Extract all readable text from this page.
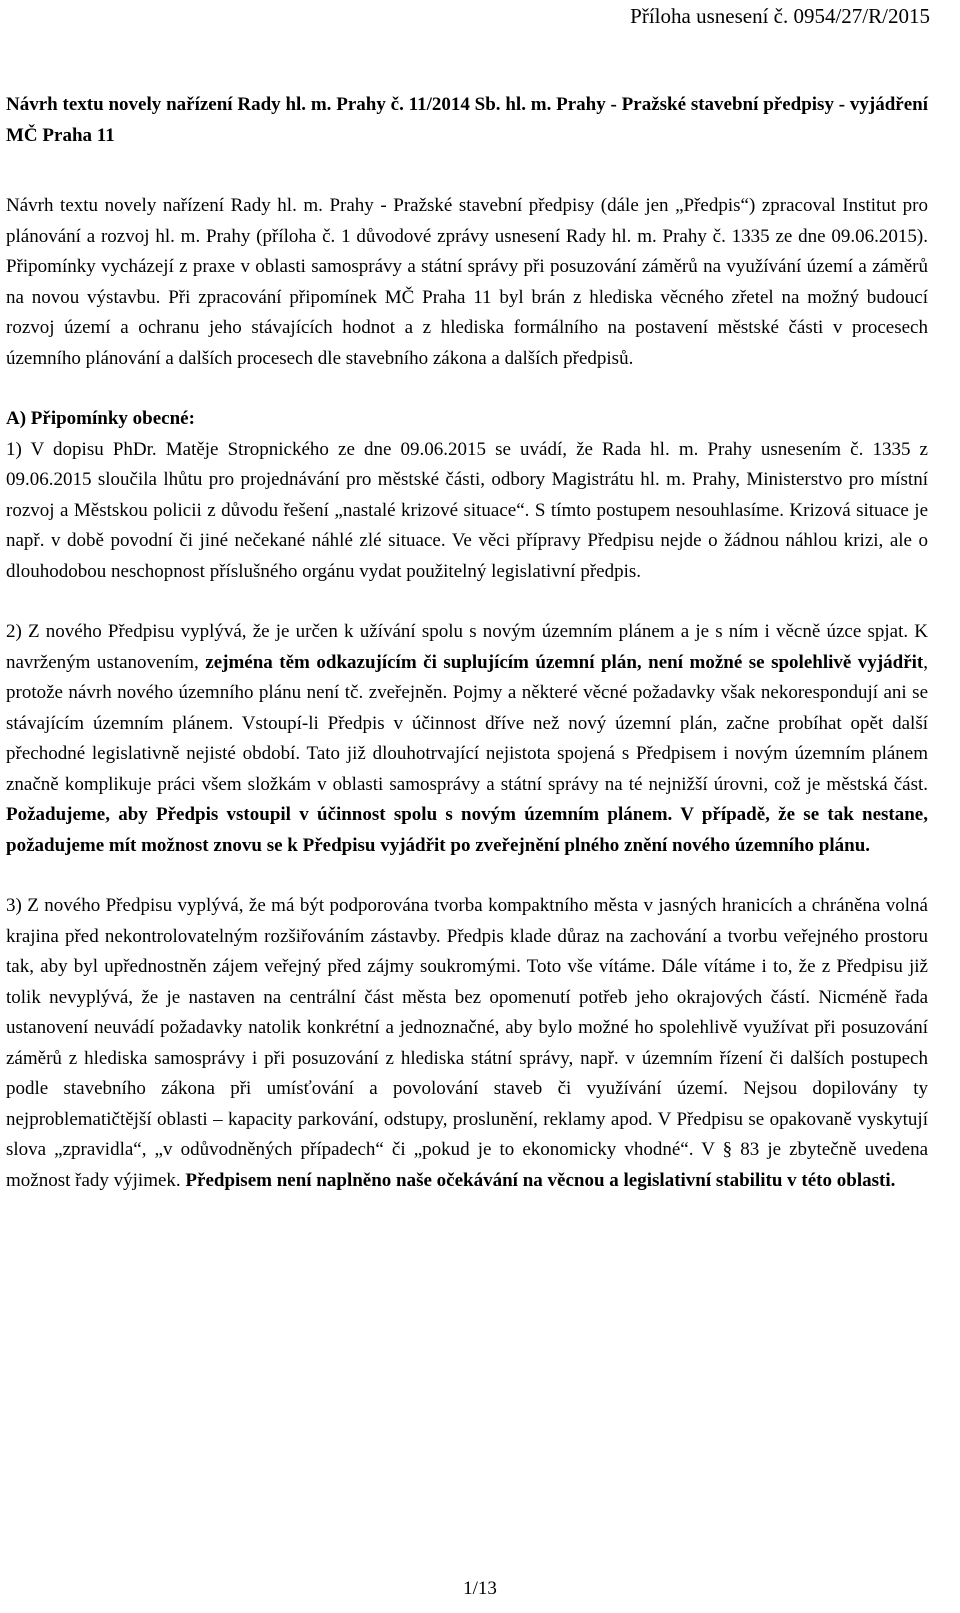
Příloha usnesení č. 0954/27/R/2015

Návrh textu novely nařízení Rady hl. m. Prahy č. 11/2014 Sb. hl. m. Prahy - Pražské stavební předpisy - vyjádření MČ Praha 11

Návrh textu novely nařízení Rady hl. m. Prahy - Pražské stavební předpisy (dále jen „Předpis“) zpracoval Institut pro plánování a rozvoj hl. m. Prahy (příloha č. 1 důvodové zprávy usnesení Rady hl. m. Prahy č. 1335 ze dne 09.06.2015). Připomínky vycházejí z praxe v oblasti samosprávy a státní správy při posuzování záměrů na využívání území a záměrů na novou výstavbu. Při zpracování připomínek MČ Praha 11 byl brán z hlediska věcného zřetel na možný budoucí rozvoj území a ochranu jeho stávajících hodnot a z hlediska formálního na postavení městské části v procesech územního plánování a dalších procesech dle stavebního zákona a dalších předpisů.

A) Připomínky obecné:

1) V dopisu PhDr. Matěje Stropnického ze dne 09.06.2015 se uvádí, že Rada hl. m. Prahy usnesením č. 1335 z 09.06.2015 sloučila lhůtu pro projednávání pro městské části, odbory Magistrátu hl. m. Prahy, Ministerstvo pro místní rozvoj a Městskou policii z důvodu řešení „nastalé krizové situace“. S tímto postupem nesouhlasíme. Krizová situace je např. v době povodní či jiné nečekané náhlé zlé situace. Ve věci přípravy Předpisu nejde o žádnou náhlou krizi, ale o dlouhodobou neschopnost příslušného orgánu vydat použitelný legislativní předpis.

2) Z nového Předpisu vyplývá, že je určen k užívání spolu s novým územním plánem a je s ním i věcně úzce spjat. K navrženým ustanovením, zejména těm odkazujícím či suplujícím územní plán, není možné se spolehlivě vyjádřit, protože návrh nového územního plánu není tč. zveřejněn. Pojmy a některé věcné požadavky však nekorespondují ani se stávajícím územním plánem. Vstoupí-li Předpis v účinnost dříve než nový územní plán, začne probíhat opět další přechodné legislativně nejisté období. Tato již dlouhotrvající nejistota spojená s Předpisem i novým územním plánem značně komplikuje práci všem složkám v oblasti samosprávy a státní správy na té nejnižší úrovni, což je městská část. Požadujeme, aby Předpis vstoupil v účinnost spolu s novým územním plánem. V případě, že se tak nestane, požadujeme mít možnost znovu se k Předpisu vyjádřit po zveřejnění plného znění nového územního plánu.

3) Z nového Předpisu vyplývá, že má být podporována tvorba kompaktního města v jasných hranicích a chráněna volná krajina před nekontrolovatelným rozšiřováním zástavby. Předpis klade důraz na zachování a tvorbu veřejného prostoru tak, aby byl upřednostněn zájem veřejný před zájmy soukromými. Toto vše vítáme. Dále vítáme i to, že z Předpisu již tolik nevyplývá, že je nastaven na centrální část města bez opomenutí potřeb jeho okrajových částí. Nicméně řada ustanovení neuvádí požadavky natolik konkrétní a jednoznačné, aby bylo možné ho spolehlivě využívat při posuzování záměrů z hlediska samosprávy i při posuzování z hlediska státní správy, např. v územním řízení či dalších postupech podle stavebního zákona při umísťování a povolování staveb či využívání území. Nejsou dopilovány ty nejproblematičtější oblasti – kapacity parkování, odstupy, proslunění, reklamy apod. V Předpisu se opakovaně vyskytují slova „zpravidla“, „v odůvodněných případech“ či „pokud je to ekonomicky vhodné“. V § 83 je zbytečně uvedena možnost řady výjimek. Předpisem není naplněno naše očekávání na věcnou a legislativní stabilitu v této oblasti.

1/13
